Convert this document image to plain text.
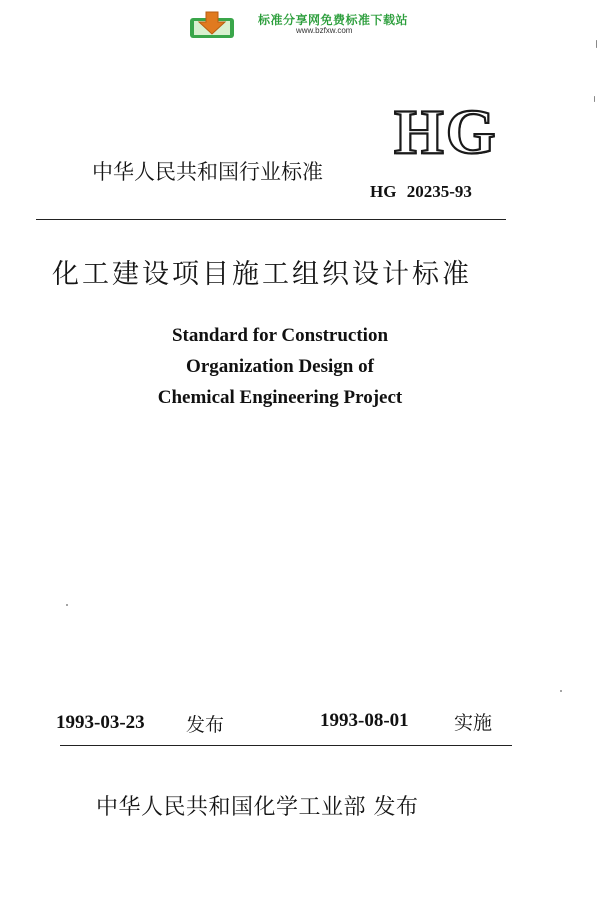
标准分享网免费标准下载站
www.bzfxw.com
中华人民共和国行业标准
HG
HG 20235-93
化工建设项目施工组织设计标准
Standard for Construction
Organization Design of
Chemical Engineering Project
1993-03-23 发布	1993-08-01 实施
中华人民共和国化学工业部 发布
